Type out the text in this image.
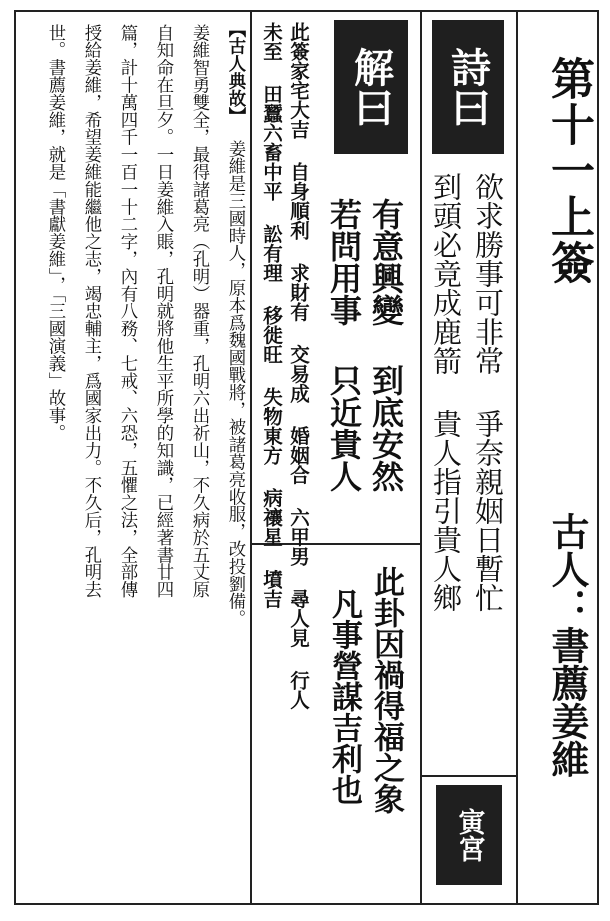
第十一上簽
古人：書薦姜維
詩曰
欲求勝事可非常 爭奈親姻日暫忙
到頭必竟成鹿箭 貴人指引貴人鄉
寅宮
解曰
有意興變 到底安然
若問用事 只近貴人
此卦因禍得福之象
凡事營謀吉利也
此簽家宅大吉 自身順利 求財有 交易成 婚姻合 六甲男 尋人見 行人
未至 田蠶六畜中平 訟有理 移徙旺 失物東方 病禳星 墳吉
【古人典故】
姜維是三國時人，原本爲魏國戰將，被諸葛亮收服，改投劉備。
姜維智勇雙全，最得諸葛亮（孔明）器重，孔明六出祈山，不久病於五丈原
自知命在旦夕。一日姜維入賬，孔明就將他生平所學的知識，已經著書廿四
篇，計十萬四千一百一十二字，內有八務、七戒、六恐，五懼之法，全部傳
授給姜維，希望姜維能繼他之志，竭忠輔主，爲國家出力。不久后，孔明去
世。書薦姜維，就是「書獻姜維」，「三國演義」故事。
